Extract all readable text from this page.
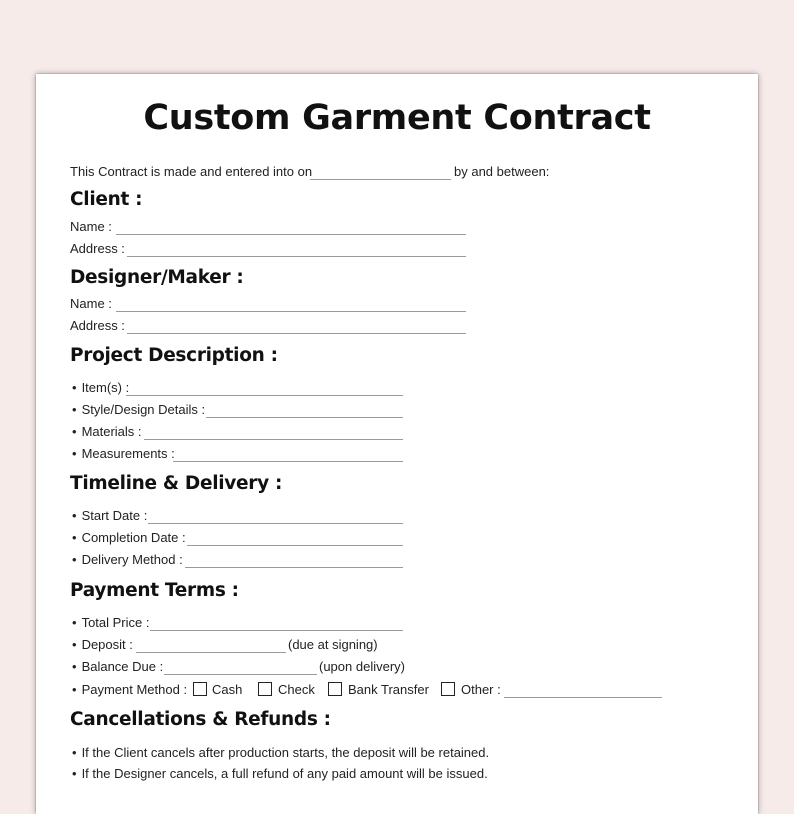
Custom Garment Contract
This Contract is made and entered into on	by and between:
Client :
Name :
Address :
Designer/Maker :
Name :
Address :
Project Description :
• Item(s) :
• Style/Design Details :
• Materials :
• Measurements :
Timeline & Delivery :
• Start Date :
• Completion Date :
• Delivery Method :
Payment Terms :
• Total Price :
• Deposit :	(due at signing)
• Balance Due :	(upon delivery)
• Payment Method : Cash	Check	Bank Transfer Other :
Cancellations & Refunds :
• If the Client cancels after production starts, the deposit will be retained.
• If the Designer cancels, a full refund of any paid amount will be issued.
